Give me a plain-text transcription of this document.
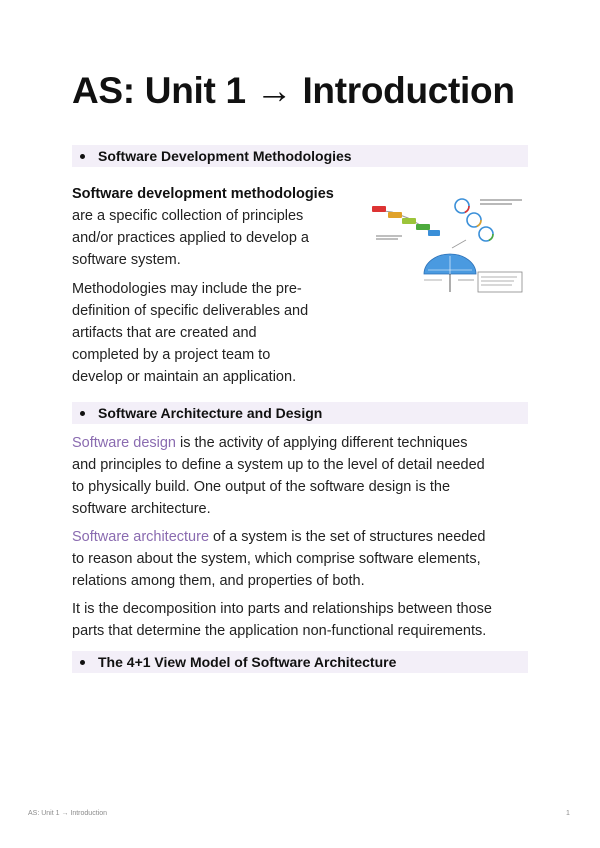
AS: Unit 1 → Introduction
Software Development Methodologies

Software development methodologies
are a specific collection of principles
and/or practices applied to develop a
software system.

Methodologies may include the pre-
definition of specific deliverables and
artifacts that are created and
completed by a project team to
develop or maintain an application.

Software Architecture and Design

Software design is the activity of applying different techniques
and principles to define a system up to the level of detail needed
to physically build. One output of the software design is the
software architecture.

Software architecture of a system is the set of structures needed
to reason about the system, which comprise software elements,
relations among them, and properties of both.

It is the decomposition into parts and relationships between those
parts that determine the application non-functional requirements.

The 4+1 View Model of Software Architecture
AS: Unit 1 → Introduction	1
